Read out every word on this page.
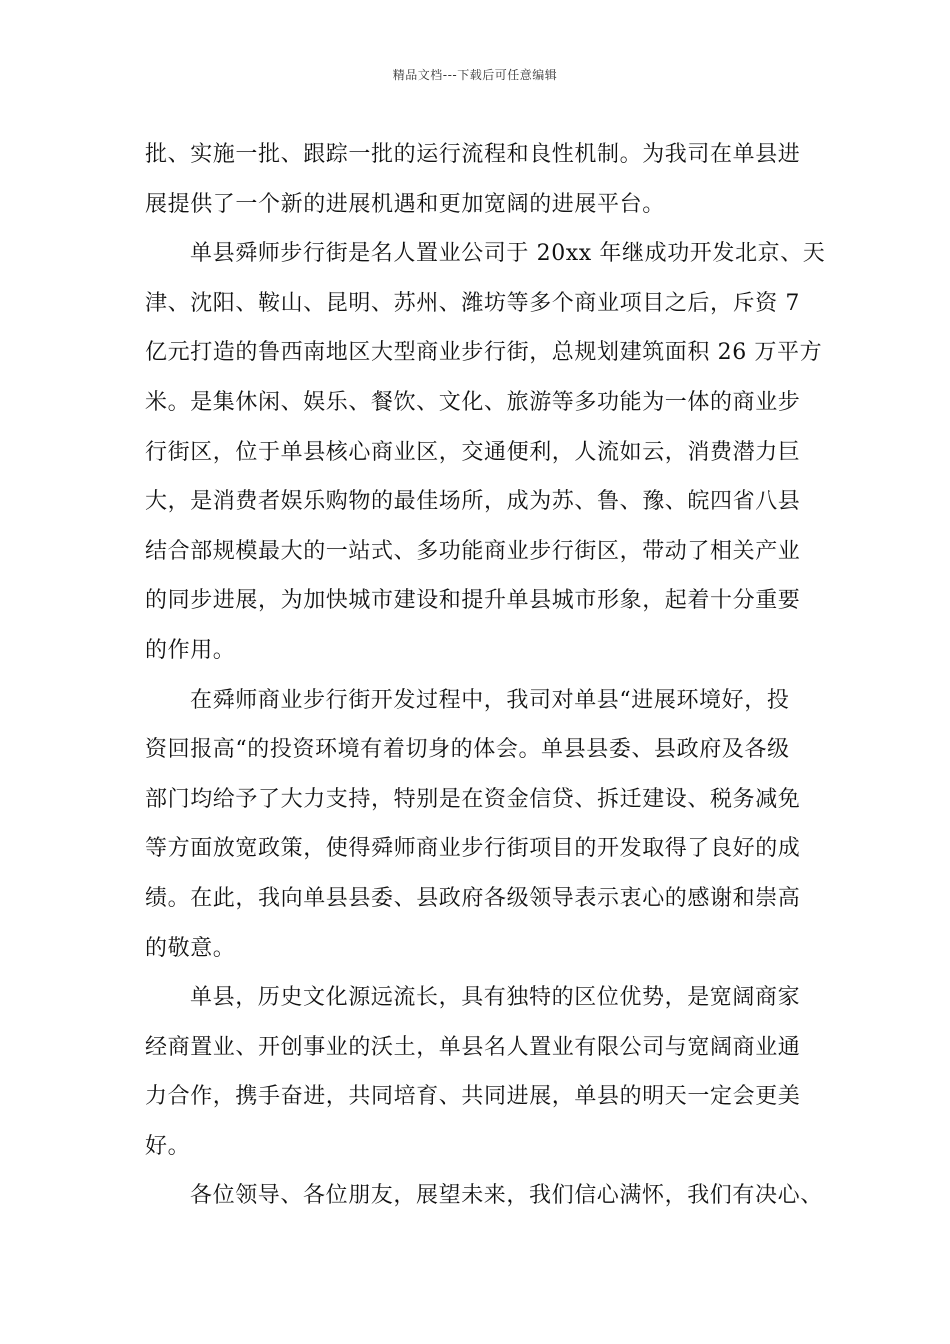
精品文档---下载后可任意编辑
批、实施一批、跟踪一批的运行流程和良性机制。为我司在单县进
展提供了一个新的进展机遇和更加宽阔的进展平台。
单县舜师步行街是名人置业公司于 20xx 年继成功开发北京、天
津、沈阳、鞍山、昆明、苏州、潍坊等多个商业项目之后，斥资 7
亿元打造的鲁西南地区大型商业步行街，总规划建筑面积 26 万平方
米。是集休闲、娱乐、餐饮、文化、旅游等多功能为一体的商业步
行街区，位于单县核心商业区，交通便利，人流如云，消费潜力巨
大，是消费者娱乐购物的最佳场所，成为苏、鲁、豫、皖四省八县
结合部规模最大的一站式、多功能商业步行街区，带动了相关产业
的同步进展，为加快城市建设和提升单县城市形象，起着十分重要
的作用。
在舜师商业步行街开发过程中，我司对单县“进展环境好，投
资回报高“的投资环境有着切身的体会。单县县委、县政府及各级
部门均给予了大力支持，特别是在资金信贷、拆迁建设、税务减免
等方面放宽政策，使得舜师商业步行街项目的开发取得了良好的成
绩。在此，我向单县县委、县政府各级领导表示衷心的感谢和崇高
的敬意。
单县，历史文化源远流长，具有独特的区位优势，是宽阔商家
经商置业、开创事业的沃土，单县名人置业有限公司与宽阔商业通
力合作，携手奋进，共同培育、共同进展，单县的明天一定会更美
好。
各位领导、各位朋友，展望未来，我们信心满怀，我们有决心、
